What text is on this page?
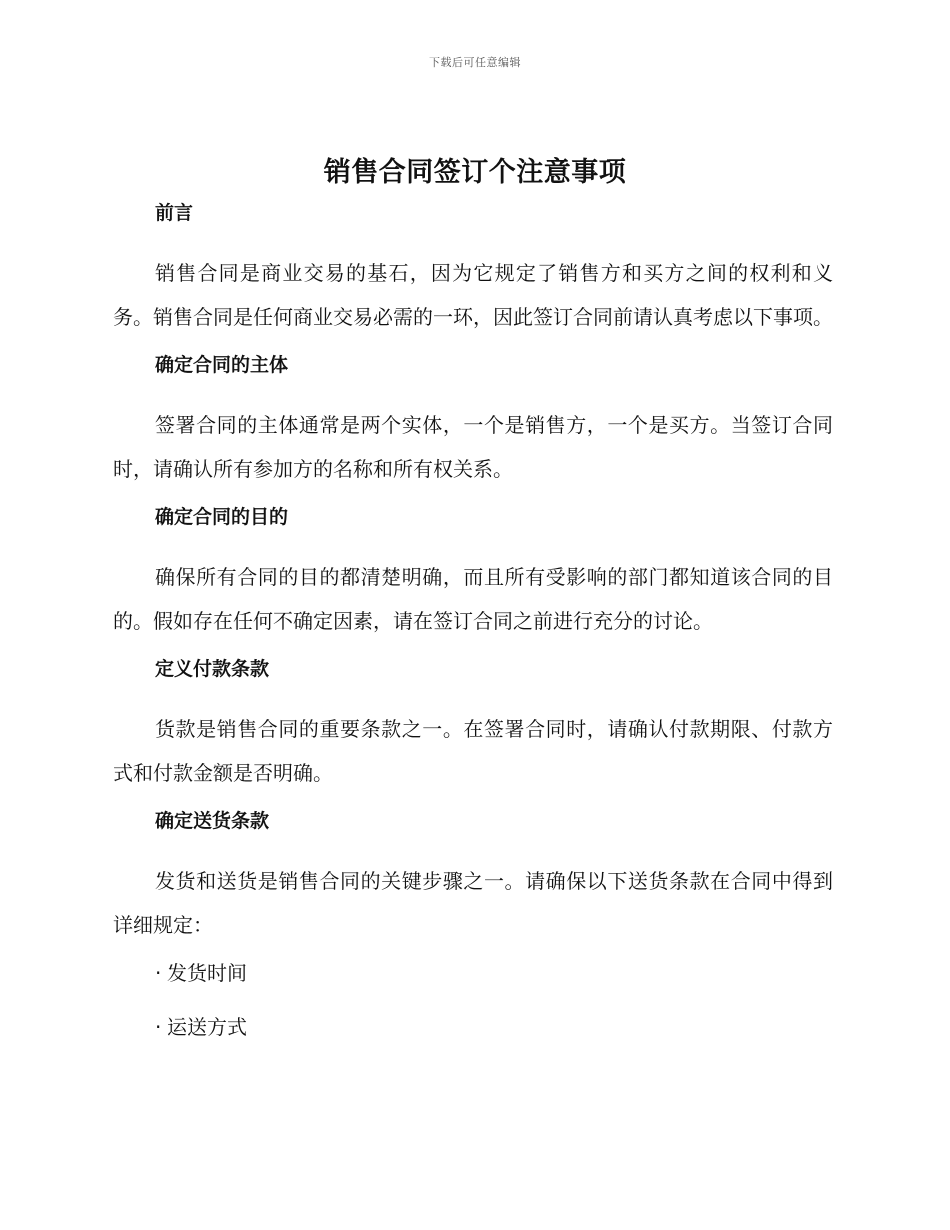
下载后可任意编辑
销售合同签订个注意事项
前言

销售合同是商业交易的基石，因为它规定了销售方和买方之间的权利和义务。销售合同是任何商业交易必需的一环，因此签订合同前请认真考虑以下事项。

确定合同的主体

签署合同的主体通常是两个实体，一个是销售方，一个是买方。当签订合同时，请确认所有参加方的名称和所有权关系。

确定合同的目的

确保所有合同的目的都清楚明确，而且所有受影响的部门都知道该合同的目的。假如存在任何不确定因素，请在签订合同之前进行充分的讨论。

定义付款条款

货款是销售合同的重要条款之一。在签署合同时，请确认付款期限、付款方式和付款金额是否明确。

确定送货条款

发货和送货是销售合同的关键步骤之一。请确保以下送货条款在合同中得到详细规定：

· 发货时间
· 运送方式
